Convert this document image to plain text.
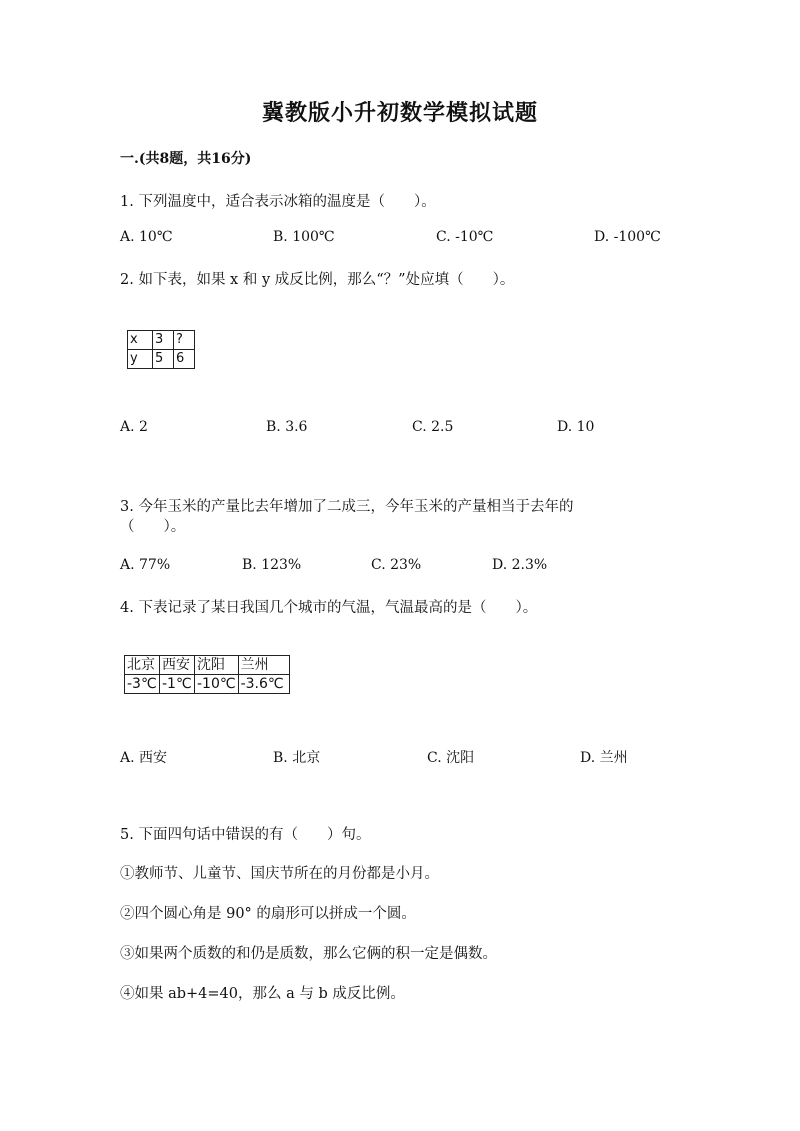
冀教版小升初数学模拟试题
一.(共8题，共16分)
1. 下列温度中，适合表示冰箱的温度是（　　）。
A. 10℃	B. 100℃	C. -10℃	D. -100℃
2. 如下表，如果 x 和 y 成反比例，那么“？”处应填（　　）。
x	3	?
y	5	6
A. 2	B. 3.6	C. 2.5	D. 10
3. 今年玉米的产量比去年增加了二成三，今年玉米的产量相当于去年的
（　　）。
A. 77%	B. 123%	C. 23%	D. 2.3%
4. 下表记录了某日我国几个城市的气温，气温最高的是（　　）。
北京	西安	沈阳	兰州
-3℃	-1℃	-10℃	-3.6℃
A. 西安	B. 北京	C. 沈阳	D. 兰州
5. 下面四句话中错误的有（　　）句。
①教师节、儿童节、国庆节所在的月份都是小月。
②四个圆心角是 90° 的扇形可以拼成一个圆。
③如果两个质数的和仍是质数，那么它俩的积一定是偶数。
④如果 ab+4=40，那么 a 与 b 成反比例。
